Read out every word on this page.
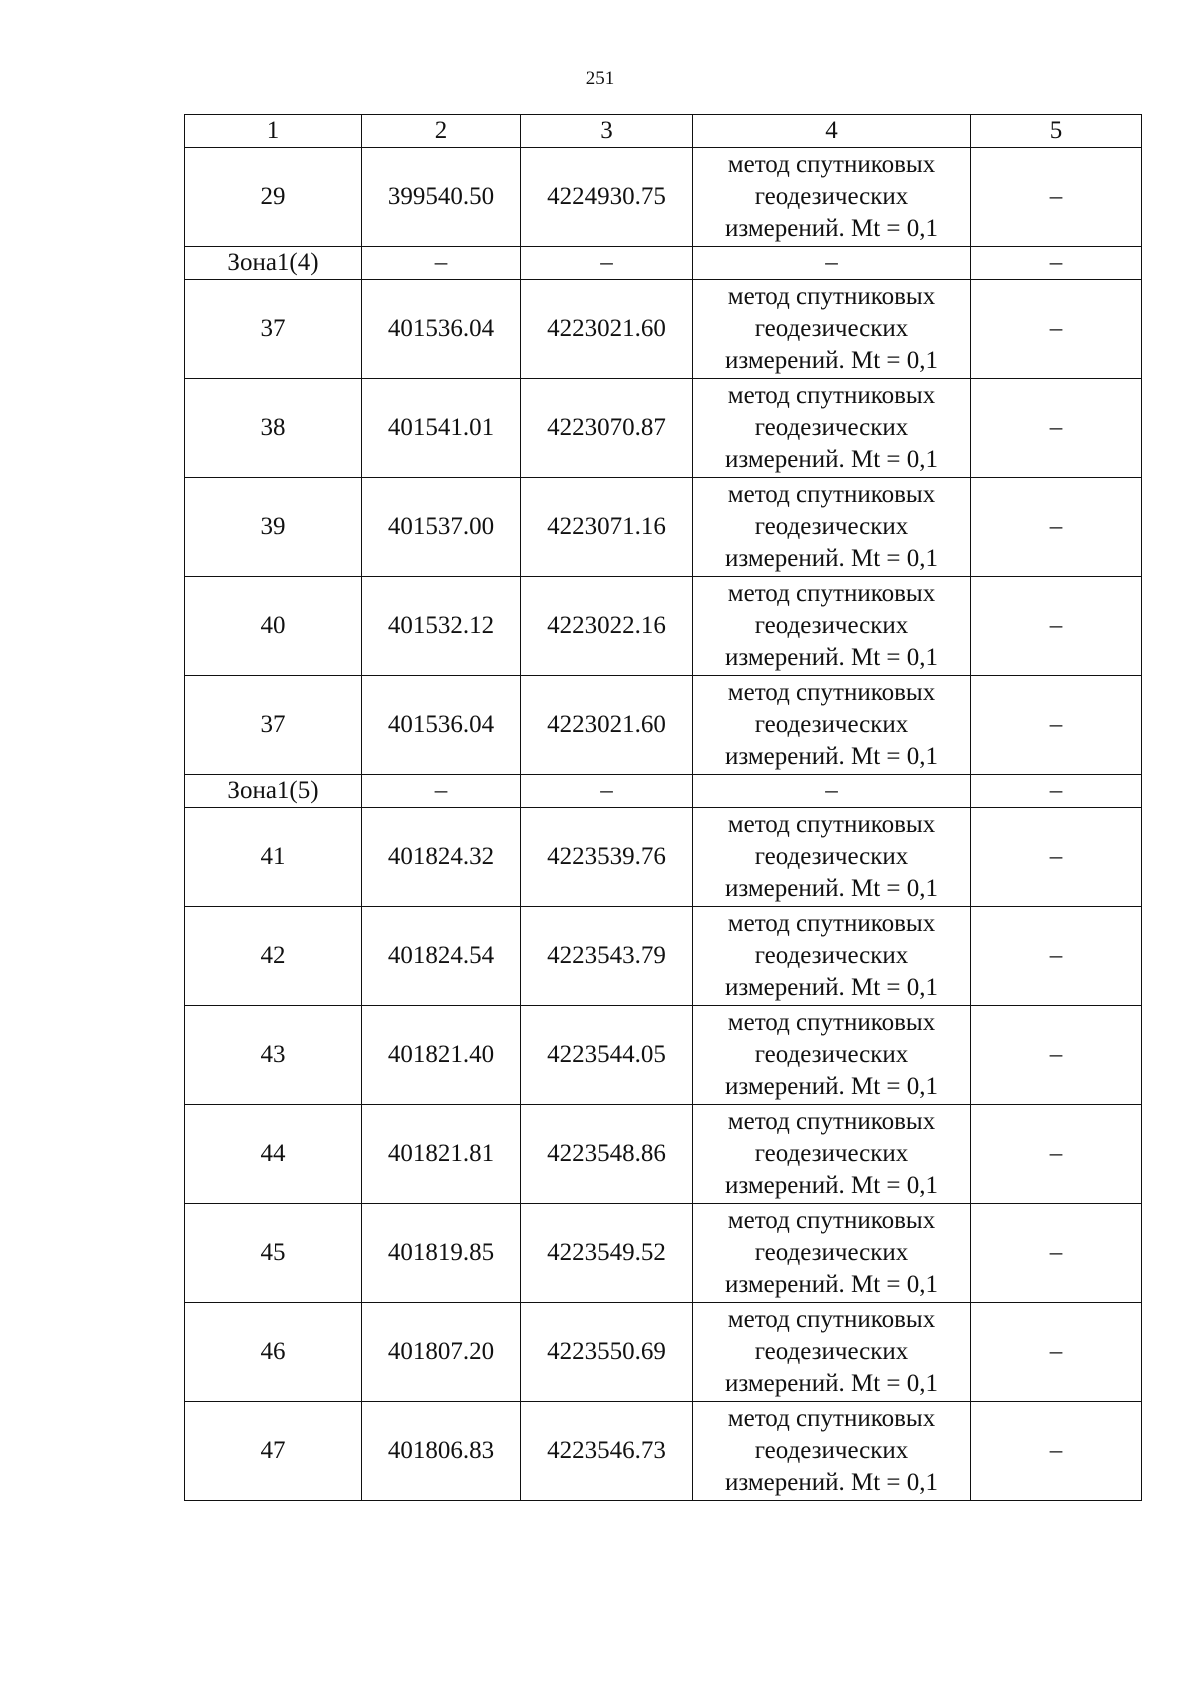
251
1	2	3	4	5
29	399540.50	4224930.75	метод спутниковых геодезических измерений. Mt = 0,1	–
Зона1(4)	–	–	–	–
37	401536.04	4223021.60	метод спутниковых геодезических измерений. Mt = 0,1	–
38	401541.01	4223070.87	метод спутниковых геодезических измерений. Mt = 0,1	–
39	401537.00	4223071.16	метод спутниковых геодезических измерений. Mt = 0,1	–
40	401532.12	4223022.16	метод спутниковых геодезических измерений. Mt = 0,1	–
37	401536.04	4223021.60	метод спутниковых геодезических измерений. Mt = 0,1	–
Зона1(5)	–	–	–	–
41	401824.32	4223539.76	метод спутниковых геодезических измерений. Mt = 0,1	–
42	401824.54	4223543.79	метод спутниковых геодезических измерений. Mt = 0,1	–
43	401821.40	4223544.05	метод спутниковых геодезических измерений. Mt = 0,1	–
44	401821.81	4223548.86	метод спутниковых геодезических измерений. Mt = 0,1	–
45	401819.85	4223549.52	метод спутниковых геодезических измерений. Mt = 0,1	–
46	401807.20	4223550.69	метод спутниковых геодезических измерений. Mt = 0,1	–
47	401806.83	4223546.73	метод спутниковых геодезических измерений. Mt = 0,1	–
